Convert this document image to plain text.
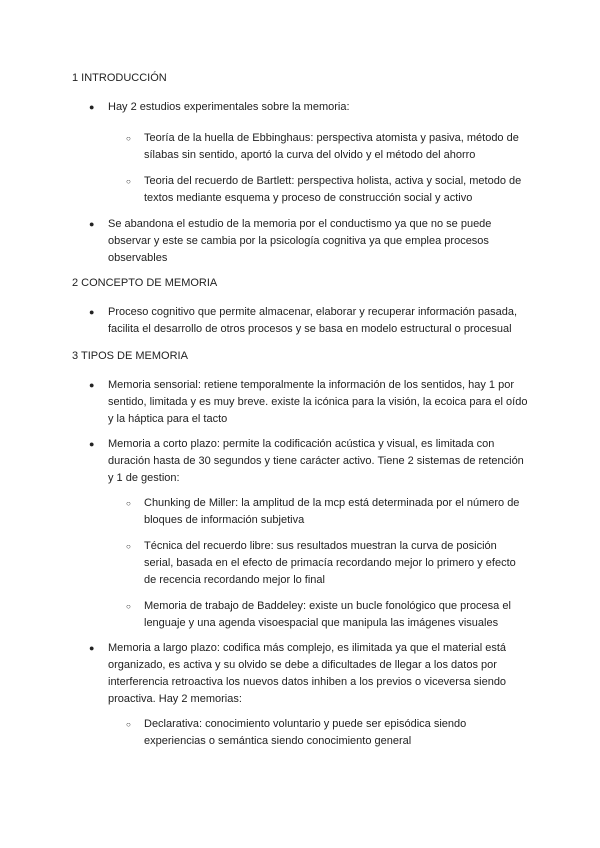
1 INTRODUCCIÓN
● Hay 2 estudios experimentales sobre la memoria:

○ Teoría de la huella de Ebbinghaus: perspectiva atomista y pasiva, método de sílabas sin sentido, aportó la curva del olvido y el método del ahorro

○ Teoria del recuerdo de Bartlett: perspectiva holista, activa y social, metodo de textos mediante esquema y proceso de construcción social y activo

● Se abandona el estudio de la memoria por el conductismo ya que no se puede observar y este se cambia por la psicología cognitiva ya que emplea procesos observables

2 CONCEPTO DE MEMORIA
● Proceso cognitivo que permite almacenar, elaborar y recuperar información pasada, facilita el desarrollo de otros procesos y se basa en modelo estructural o procesual

3 TIPOS DE MEMORIA
● Memoria sensorial: retiene temporalmente la información de los sentidos, hay 1 por sentido, limitada y es muy breve. existe la icónica para la visión, la ecoica para el oído y la háptica para el tacto

● Memoria a corto plazo: permite la codificación acústica y visual, es limitada con duración hasta de 30 segundos y tiene carácter activo. Tiene 2 sistemas de retención y 1 de gestion:

○ Chunking de Miller: la amplitud de la mcp está determinada por el número de bloques de información subjetiva

○ Técnica del recuerdo libre: sus resultados muestran la curva de posición serial, basada en el efecto de primacía recordando mejor lo primero y efecto de recencia recordando mejor lo final

○ Memoria de trabajo de Baddeley: existe un bucle fonológico que procesa el lenguaje y una agenda visoespacial que manipula las imágenes visuales

● Memoria a largo plazo: codifica más complejo, es ilimitada ya que el material está organizado, es activa y su olvido se debe a dificultades de llegar a los datos por interferencia retroactiva los nuevos datos inhiben a los previos o viceversa siendo proactiva. Hay 2 memorias:

○ Declarativa: conocimiento voluntario y puede ser episódica siendo experiencias o semántica siendo conocimiento general
